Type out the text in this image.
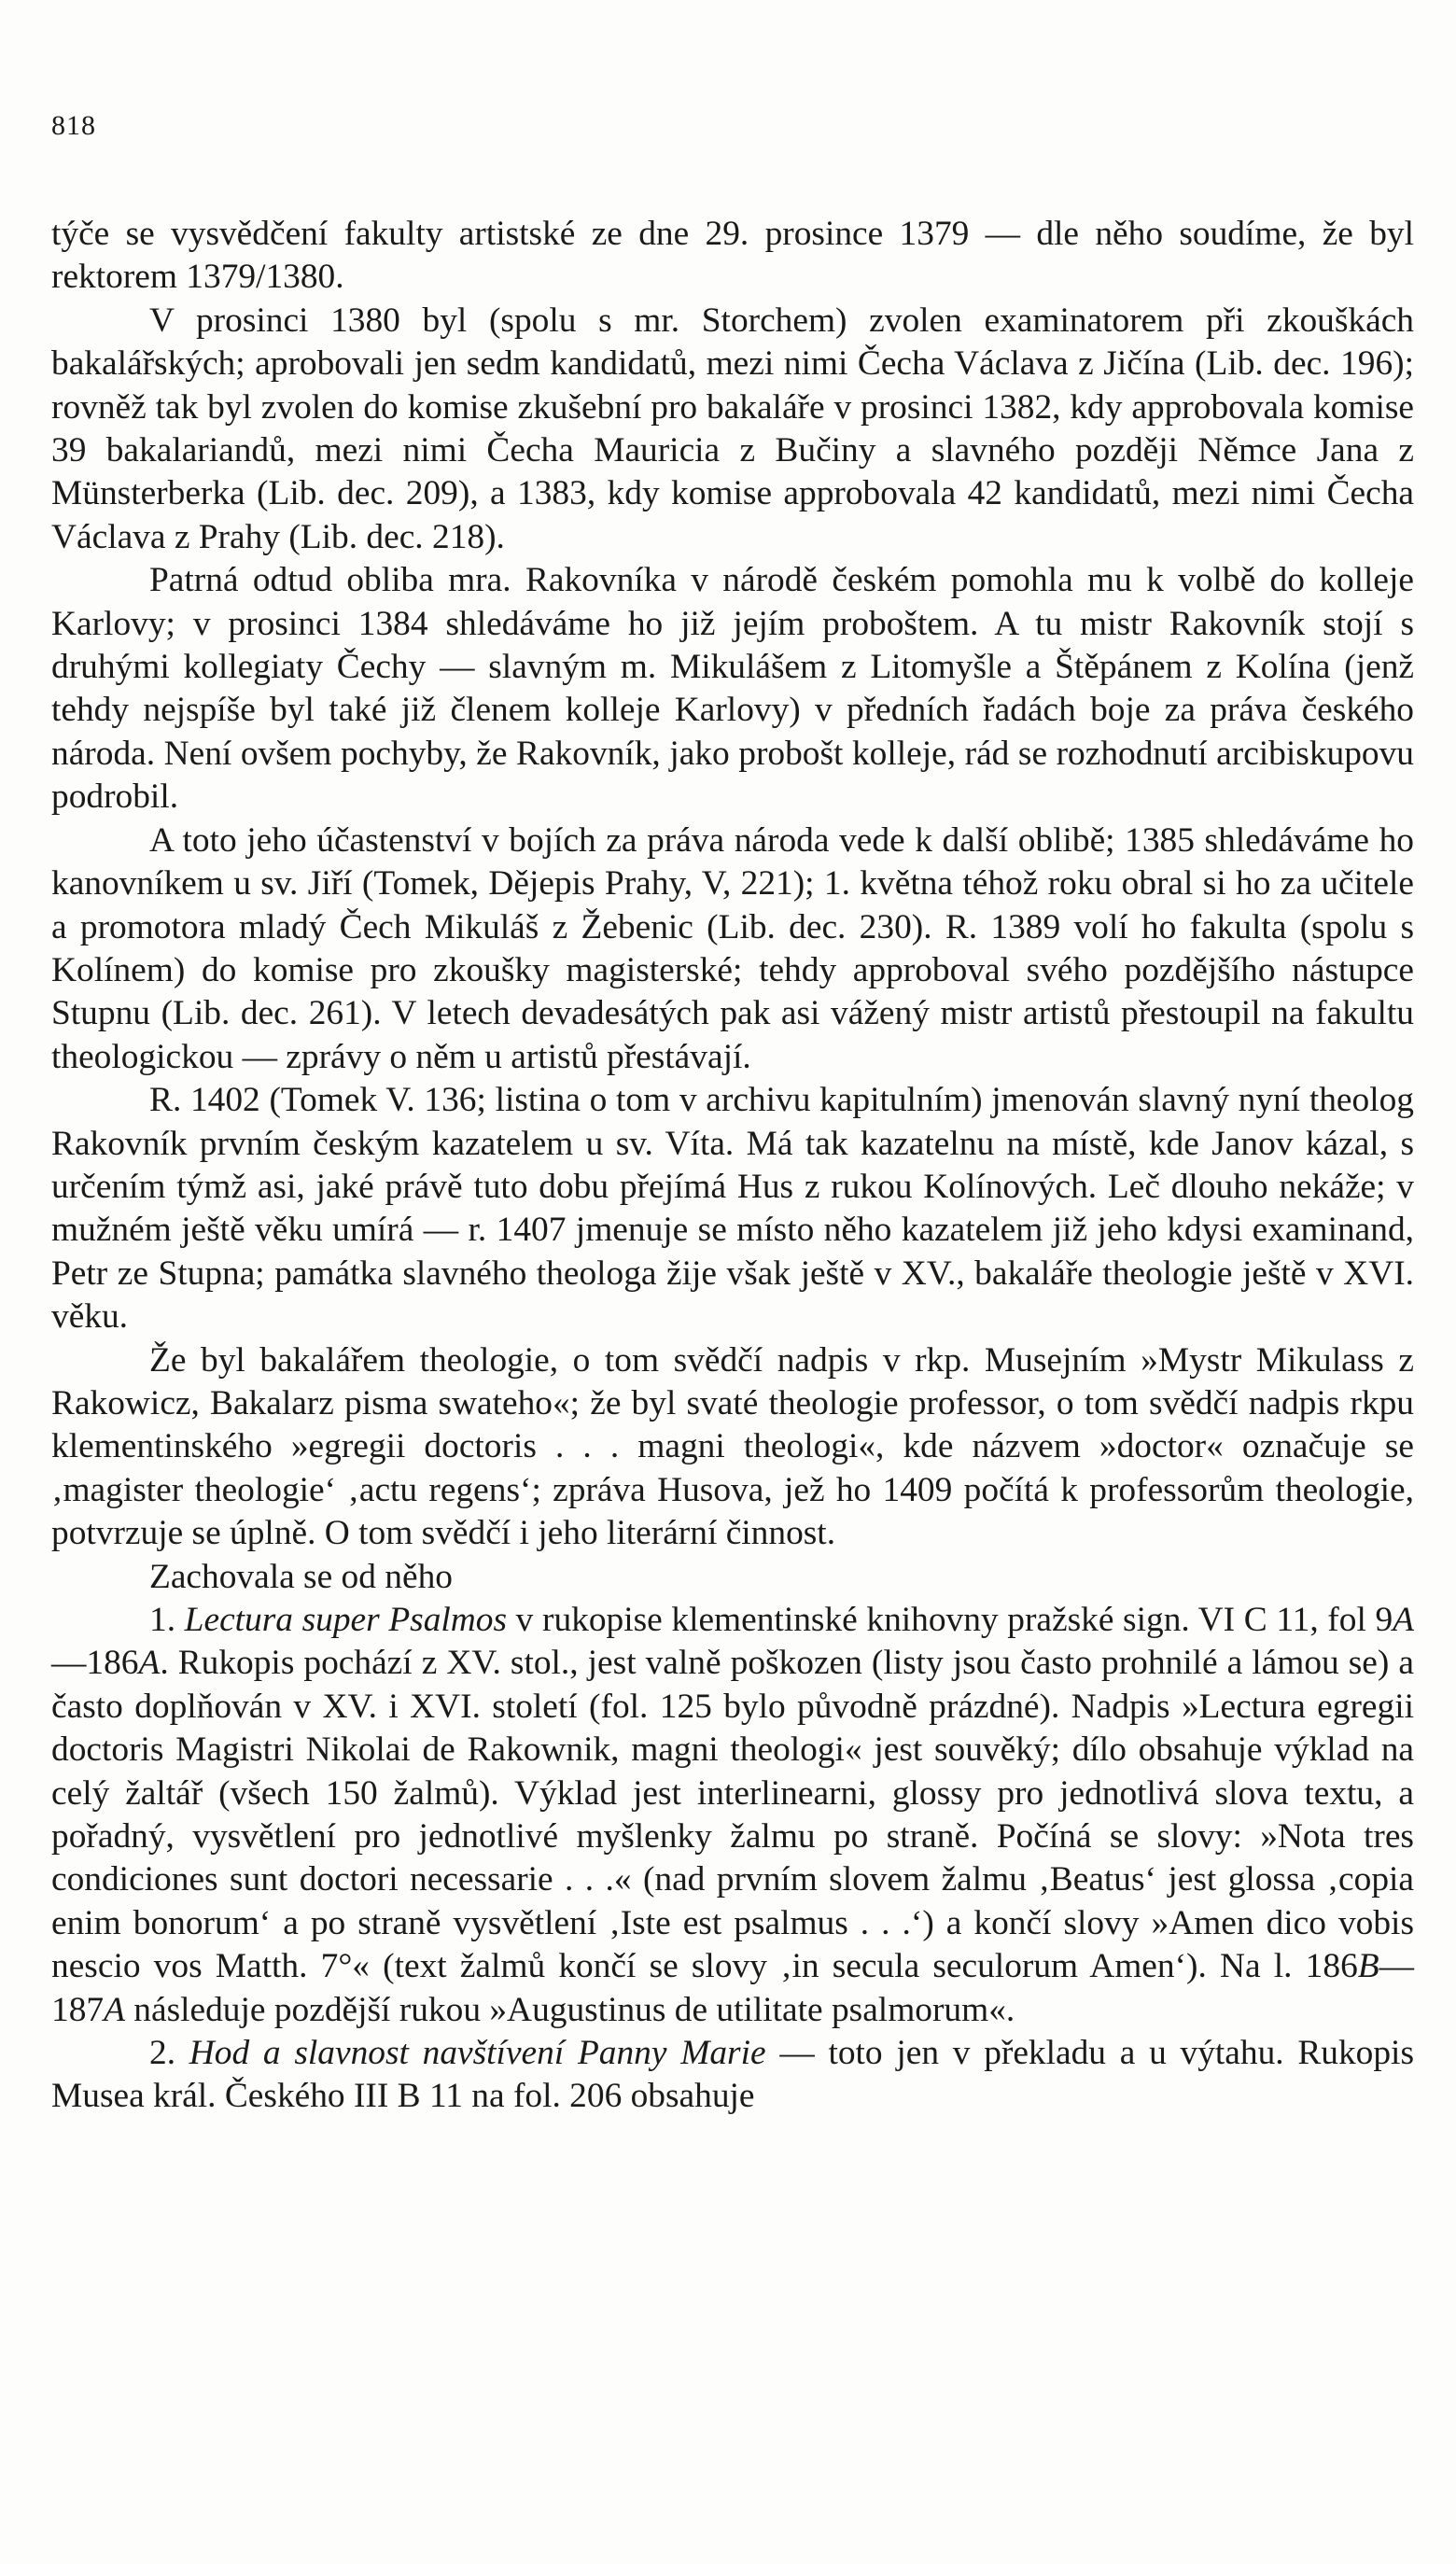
818

týče se vysvědčení fakulty artistské ze dne 29. prosince 1379 — dle něho soudíme, že byl rektorem 1379/1380.

V prosinci 1380 byl (spolu s mr. Storchem) zvolen examinatorem při zkouškách bakalářských; aprobovali jen sedm kandidatů, mezi nimi Čecha Václava z Jičína (Lib. dec. 196); rovněž tak byl zvolen do komise zkušební pro bakaláře v prosinci 1382, kdy approbovala komise 39 bakalariandů, mezi nimi Čecha Mauricia z Bučiny a slavného později Němce Jana z Münsterberka (Lib. dec. 209), a 1383, kdy komise approbovala 42 kandidatů, mezi nimi Čecha Václava z Prahy (Lib. dec. 218).

Patrná odtud obliba mra. Rakovníka v národě českém pomohla mu k volbě do kolleje Karlovy; v prosinci 1384 shledáváme ho již jejím proboštem. A tu mistr Rakovník stojí s druhými kollegiaty Čechy — slavným m. Mikulášem z Litomyšle a Štěpánem z Kolína (jenž tehdy nejspíše byl také již členem kolleje Karlovy) v předních řadách boje za práva českého národa. Není ovšem pochyby, že Rakovník, jako probošt kolleje, rád se rozhodnutí arcibiskupovu podrobil.

A toto jeho účastenství v bojích za práva národa vede k další oblibě; 1385 shledáváme ho kanovníkem u sv. Jiří (Tomek, Dějepis Prahy, V, 221); 1. května téhož roku obral si ho za učitele a promotora mladý Čech Mikuláš z Žebenic (Lib. dec. 230). R. 1389 volí ho fakulta (spolu s Kolínem) do komise pro zkoušky magisterské; tehdy approboval svého pozdějšího nástupce Stupnu (Lib. dec. 261). V letech devadesátých pak asi vážený mistr artistů přestoupil na fakultu theologickou — zprávy o něm u artistů přestávají.

R. 1402 (Tomek V. 136; listina o tom v archivu kapitulním) jmenován slavný nyní theolog Rakovník prvním českým kazatelem u sv. Víta. Má tak kazatelnu na místě, kde Janov kázal, s určením týmž asi, jaké právě tuto dobu přejímá Hus z rukou Kolínových. Leč dlouho nekáže; v mužném ještě věku umírá — r. 1407 jmenuje se místo něho kazatelem již jeho kdysi examinand, Petr ze Stupna; památka slavného theologa žije však ještě v XV., bakaláře theologie ještě v XVI. věku.

Že byl bakalářem theologie, o tom svědčí nadpis v rkp. Musejním »Mystr Mikulass z Rakowicz, Bakalarz pisma swateho«; že byl svaté theologie professor, o tom svědčí nadpis rkpu klementinského »egregii doctoris . . . magni theologi«, kde názvem »doctor« označuje se ‚magister theologie‘ ‚actu regens‘; zpráva Husova, jež ho 1409 počítá k professorům theologie, potvrzuje se úplně. O tom svědčí i jeho literární činnost.

Zachovala se od něho

1. Lectura super Psalmos v rukopise klementinské knihovny pražské sign. VI C 11, fol 9A—186A. Rukopis pochází z XV. stol., jest valně poškozen (listy jsou často prohnilé a lámou se) a často doplňován v XV. i XVI. století (fol. 125 bylo původně prázdné). Nadpis »Lectura egregii doctoris Magistri Nikolai de Rakownik, magni theologi« jest souvěký; dílo obsahuje výklad na celý žaltář (všech 150 žalmů). Výklad jest interlinearni, glossy pro jednotlivá slova textu, a pořadný, vysvětlení pro jednotlivé myšlenky žalmu po straně. Počíná se slovy: »Nota tres condiciones sunt doctori necessarie . . .« (nad prvním slovem žalmu ‚Beatus‘ jest glossa ‚copia enim bonorum‘ a po straně vysvětlení ‚Iste est psalmus . . .‘) a končí slovy »Amen dico vobis nescio vos Matth. 7°« (text žalmů končí se slovy ‚in secula seculorum Amen‘). Na l. 186B—187A následuje pozdější rukou »Augustinus de utilitate psalmorum«.

2. Hod a slavnost navštívení Panny Marie — toto jen v překladu a u výtahu. Rukopis Musea král. Českého III B 11 na fol. 206 obsahuje
